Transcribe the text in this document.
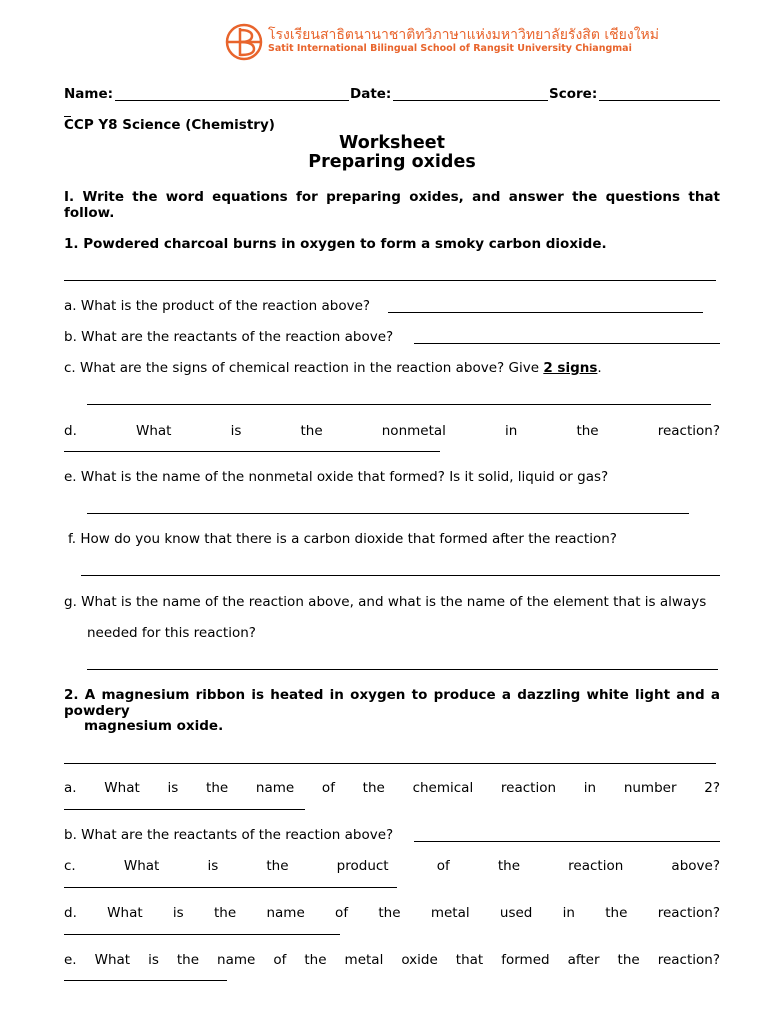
โรงเรียนสาธิตนานาชาติทวิภาษาแห่งมหาวิทยาลัยรังสิต เชียงใหม่
Satit International Bilingual School of Rangsit University Chiangmai
Name:	Date:	Score:
CCP Y8 Science (Chemistry)
Worksheet
Preparing oxides
I. Write the word equations for preparing oxides, and answer the questions that follow.
1. Powdered charcoal burns in oxygen to form a smoky carbon dioxide.
a. What is the product of the reaction above?
b. What are the reactants of the reaction above?
c. What are the signs of chemical reaction in the reaction above? Give 2 signs.
d. What is the nonmetal in the reaction?
e. What is the name of the nonmetal oxide that formed? Is it solid, liquid or gas?
f. How do you know that there is a carbon dioxide that formed after the reaction?
g. What is the name of the reaction above, and what is the name of the element that is always
needed for this reaction?
2. A magnesium ribbon is heated in oxygen to produce a dazzling white light and a powdery
magnesium oxide.
a. What is the name of the chemical reaction in number 2?
b. What are the reactants of the reaction above?
c. What is the product of the reaction above?
d. What is the name of the metal used in the reaction?
e. What is the name of the metal oxide that formed after the reaction?
